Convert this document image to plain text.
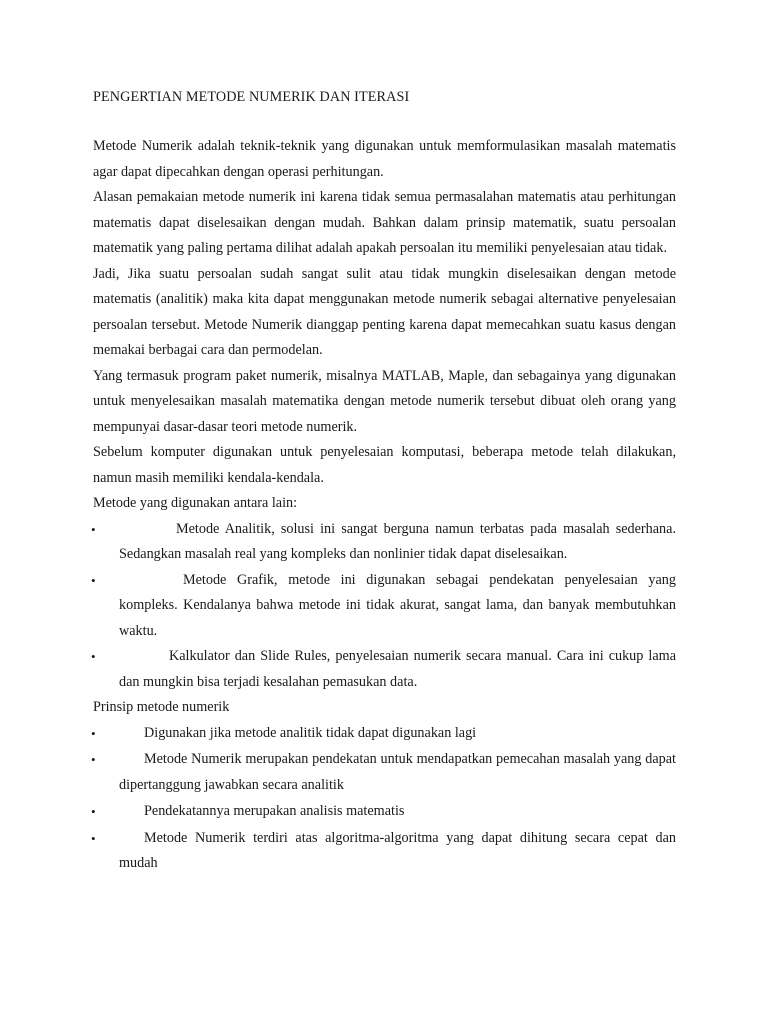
PENGERTIAN METODE NUMERIK DAN ITERASI

Metode Numerik adalah teknik-teknik yang digunakan untuk memformulasikan masalah matematis agar dapat dipecahkan dengan operasi perhitungan.

Alasan pemakaian metode numerik ini karena tidak semua permasalahan matematis atau perhitungan matematis dapat diselesaikan dengan mudah. Bahkan dalam prinsip matematik, suatu persoalan matematik yang paling pertama dilihat adalah apakah persoalan itu memiliki penyelesaian atau tidak.

Jadi, Jika suatu persoalan sudah sangat sulit atau tidak mungkin diselesaikan dengan metode matematis (analitik) maka kita dapat menggunakan metode numerik sebagai alternative penyelesaian persoalan tersebut. Metode Numerik dianggap penting karena dapat memecahkan suatu kasus dengan memakai berbagai cara dan permodelan.

Yang termasuk program paket numerik, misalnya MATLAB, Maple, dan sebagainya yang digunakan untuk menyelesaikan masalah matematika dengan metode numerik tersebut dibuat oleh orang yang mempunyai dasar-dasar teori metode numerik.

Sebelum komputer digunakan untuk penyelesaian komputasi, beberapa metode telah dilakukan, namun masih memiliki kendala-kendala.

Metode yang digunakan antara lain:

•	Metode Analitik, solusi ini sangat berguna namun terbatas pada masalah sederhana. Sedangkan masalah real yang kompleks dan nonlinier tidak dapat diselesaikan.
•	Metode Grafik, metode ini digunakan sebagai pendekatan penyelesaian yang kompleks. Kendalanya bahwa metode ini tidak akurat, sangat lama, dan banyak membutuhkan waktu.
•	Kalkulator dan Slide Rules, penyelesaian numerik secara manual. Cara ini cukup lama dan mungkin bisa terjadi kesalahan pemasukan data.

Prinsip metode numerik

•	Digunakan jika metode analitik tidak dapat digunakan lagi
•	Metode Numerik merupakan pendekatan untuk mendapatkan pemecahan masalah yang dapat dipertanggung jawabkan secara analitik
•	Pendekatannya merupakan analisis matematis
•	Metode Numerik terdiri atas algoritma-algoritma yang dapat dihitung secara cepat dan mudah
